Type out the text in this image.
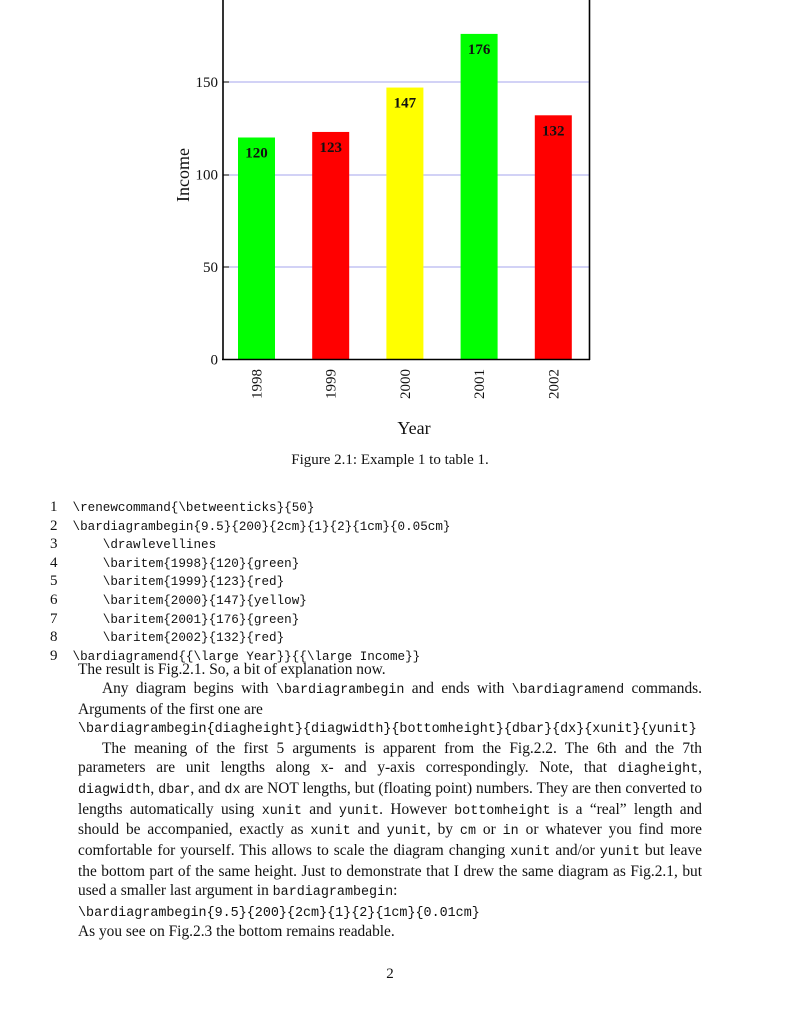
0
50
100
150
1998	1999	2000	2001	2002
120	123
147
176
132
Year
Income
Figure 2.1: Example 1 to table 1.
1 \renewcommand{\betweenticks}{50}
2 \bardiagrambegin{9.5}{200}{2cm}{1}{2}{1cm}{0.05cm}
3     \drawlevellines
4     \baritem{1998}{120}{green}
5     \baritem{1999}{123}{red}
6     \baritem{2000}{147}{yellow}
7     \baritem{2001}{176}{green}
8     \baritem{2002}{132}{red}
9 \bardiagramend{{\large Year}}{{\large Income}}
The result is Fig.2.1. So, a bit of explanation now.
Any diagram begins with \bardiagrambegin and ends with \bardiagramend commands. Arguments of the first one are
\bardiagrambegin{diagheight}{diagwidth}{bottomheight}{dbar}{dx}{xunit}{yunit}
The meaning of the first 5 arguments is apparent from the Fig.2.2. The 6th and the 7th parameters are unit lengths along x- and y-axis correspondingly. Note, that diagheight, diagwidth, dbar, and dx are NOT lengths, but (floating point) numbers. They are then converted to lengths automatically using xunit and yunit. However bottomheight is a “real” length and should be accompanied, exactly as xunit and yunit, by cm or in or whatever you find more comfortable for yourself. This allows to scale the diagram changing xunit and/or yunit but leave the bottom part of the same height. Just to demonstrate that I drew the same diagram as Fig.2.1, but used a smaller last argument in bardiagrambegin:
\bardiagrambegin{9.5}{200}{2cm}{1}{2}{1cm}{0.01cm}
As you see on Fig.2.3 the bottom remains readable.
2
